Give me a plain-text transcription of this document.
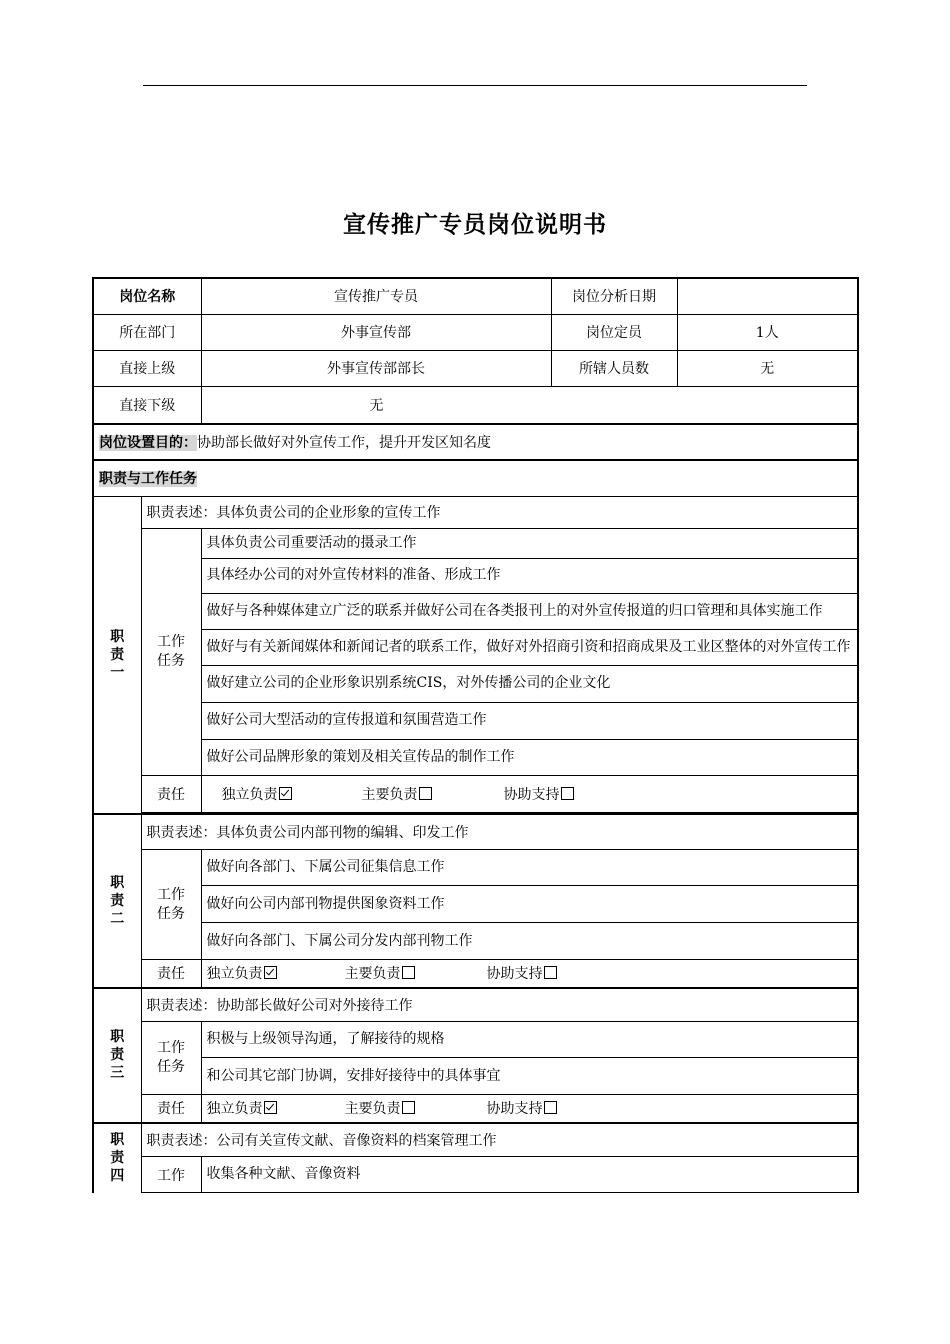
宣传推广专员岗位说明书
岗位名称		宣传推广专员	岗位分析日期	
所在部门		外事宣传部	岗位定员	1人
直接上级		外事宣传部部长	所辖人员数	无
直接下级		无		
岗位设置目的：协助部长做好对外宣传工作，提升开发区知名度				
职责与工作任务				
职责一	职责表述：具体负责公司的企业形象的宣传工作			
	工作任务	具体负责公司重要活动的摄录工作		
		具体经办公司的对外宣传材料的准备、形成工作		
		做好与各种媒体建立广泛的联系并做好公司在各类报刊上的对外宣传报道的归口管理和具体实施工作		
		做好与有关新闻媒体和新闻记者的联系工作，做好对外招商引资和招商成果及工业区整体的对外宣传工作		
		做好建立公司的企业形象识别系统CIS，对外传播公司的企业文化		
		做好公司大型活动的宣传报道和氛围营造工作		
		做好公司品牌形象的策划及相关宣传品的制作工作		
	责任	独立负责 主要负责 协助支持		

职责二	职责表述：具体负责公司内部刊物的编辑、印发工作			
	工作任务	做好向各部门、下属公司征集信息工作		
		做好向公司内部刊物提供图象资料工作		
		做好向各部门、下属公司分发内部刊物工作		
	责任	独立负责 主要负责 协助支持		
职责三	职责表述：协助部长做好公司对外接待工作			
	工作任务	积极与上级领导沟通，了解接待的规格		
		和公司其它部门协调，安排好接待中的具体事宜		
	责任	独立负责 主要负责 协助支持		
职责四	职责表述：公司有关宣传文献、音像资料的档案管理工作			
	工作	收集各种文献、音像资料		
